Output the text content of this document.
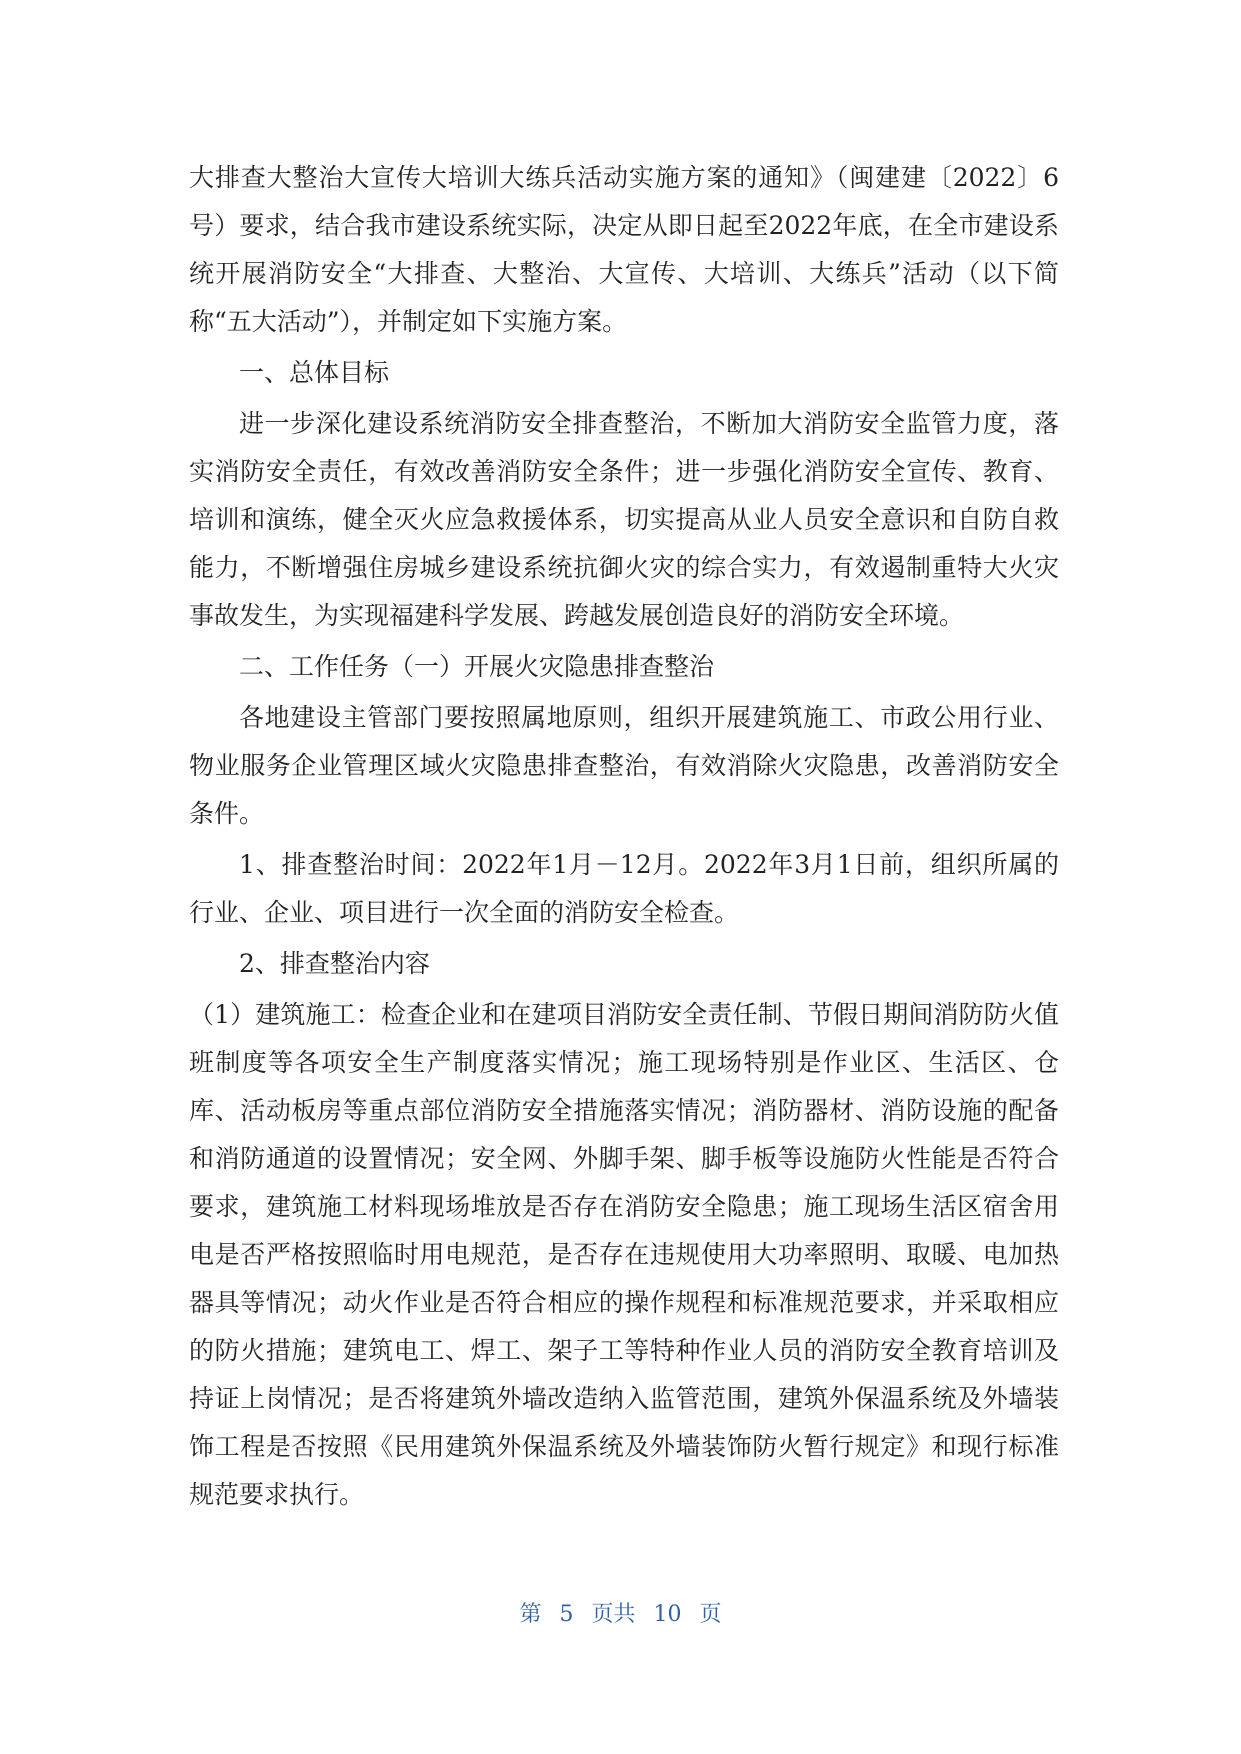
大排查大整治大宣传大培训大练兵活动实施方案的通知》（闽建建〔2022〕6号）要求，结合我市建设系统实际，决定从即日起至2022年底，在全市建设系统开展消防安全“大排查、大整治、大宣传、大培训、大练兵”活动（以下简称“五大活动”），并制定如下实施方案。

一、总体目标

进一步深化建设系统消防安全排查整治，不断加大消防安全监管力度，落实消防安全责任，有效改善消防安全条件；进一步强化消防安全宣传、教育、培训和演练，健全灭火应急救援体系，切实提高从业人员安全意识和自防自救能力，不断增强住房城乡建设系统抗御火灾的综合实力，有效遏制重特大火灾事故发生，为实现福建科学发展、跨越发展创造良好的消防安全环境。

二、工作任务（一）开展火灾隐患排查整治

各地建设主管部门要按照属地原则，组织开展建筑施工、市政公用行业、物业服务企业管理区域火灾隐患排查整治，有效消除火灾隐患，改善消防安全条件。

1、排查整治时间：2022年1月－12月。2022年3月1日前，组织所属的行业、企业、项目进行一次全面的消防安全检查。

2、排查整治内容

（1）建筑施工：检查企业和在建项目消防安全责任制、节假日期间消防防火值班制度等各项安全生产制度落实情况；施工现场特别是作业区、生活区、仓库、活动板房等重点部位消防安全措施落实情况；消防器材、消防设施的配备和消防通道的设置情况；安全网、外脚手架、脚手板等设施防火性能是否符合要求，建筑施工材料现场堆放是否存在消防安全隐患；施工现场生活区宿舍用电是否严格按照临时用电规范，是否存在违规使用大功率照明、取暖、电加热器具等情况；动火作业是否符合相应的操作规程和标准规范要求，并采取相应的防火措施；建筑电工、焊工、架子工等特种作业人员的消防安全教育培训及持证上岗情况；是否将建筑外墙改造纳入监管范围，建筑外保温系统及外墙装饰工程是否按照《民用建筑外保温系统及外墙装饰防火暂行规定》和现行标准规范要求执行。

第 5 页共 10 页
